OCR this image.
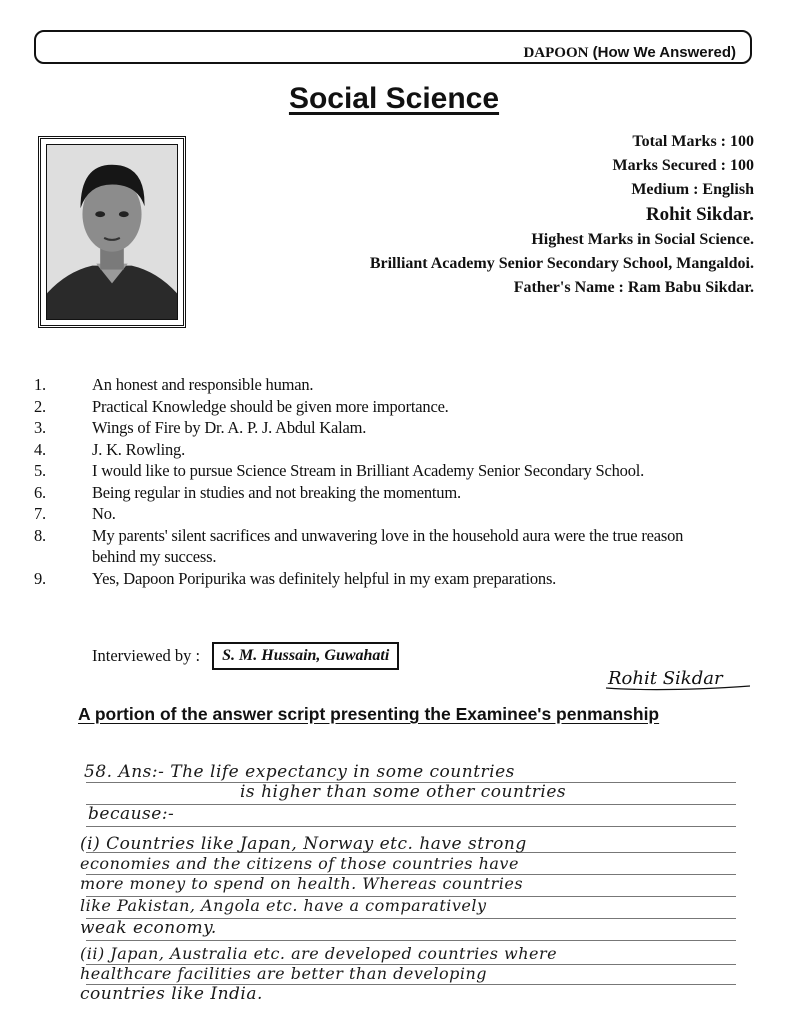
DAPOON (How We Answered)
Social Science
Total Marks : 100
Marks Secured : 100
Medium : English
Rohit Sikdar.
Highest Marks in Social Science.
Brilliant Academy Senior Secondary School, Mangaldoi.
Father's Name : Ram Babu Sikdar.
1.	An honest and responsible human.
2.	Practical Knowledge should be given more importance.
3.	Wings of Fire by Dr. A. P. J. Abdul Kalam.
4.	J. K. Rowling.
5.	I would like to pursue Science Stream in Brilliant Academy Senior Secondary School.
6.	Being regular in studies and not breaking the momentum.
7.	No.
8.	My parents' silent sacrifices and unwavering love in the household aura were the true reason behind my success.
9.	Yes, Dapoon Poripurika was definitely helpful in my exam preparations.
Interviewed by :	S. M. Hussain, Guwahati
Rohit Sikdar
A portion of the answer script presenting the Examinee's penmanship
58. Ans:- The life expectancy in some countries
is higher than some other countries
because:-
(i) Countries like Japan, Norway etc. have strong
economies and the citizens of those countries have
more money to spend on health. Whereas countries
like Pakistan, Angola etc. have a comparatively
weak economy.
(ii) Japan, Australia etc. are developed countries where
healthcare facilities are better than developing
countries like India.
